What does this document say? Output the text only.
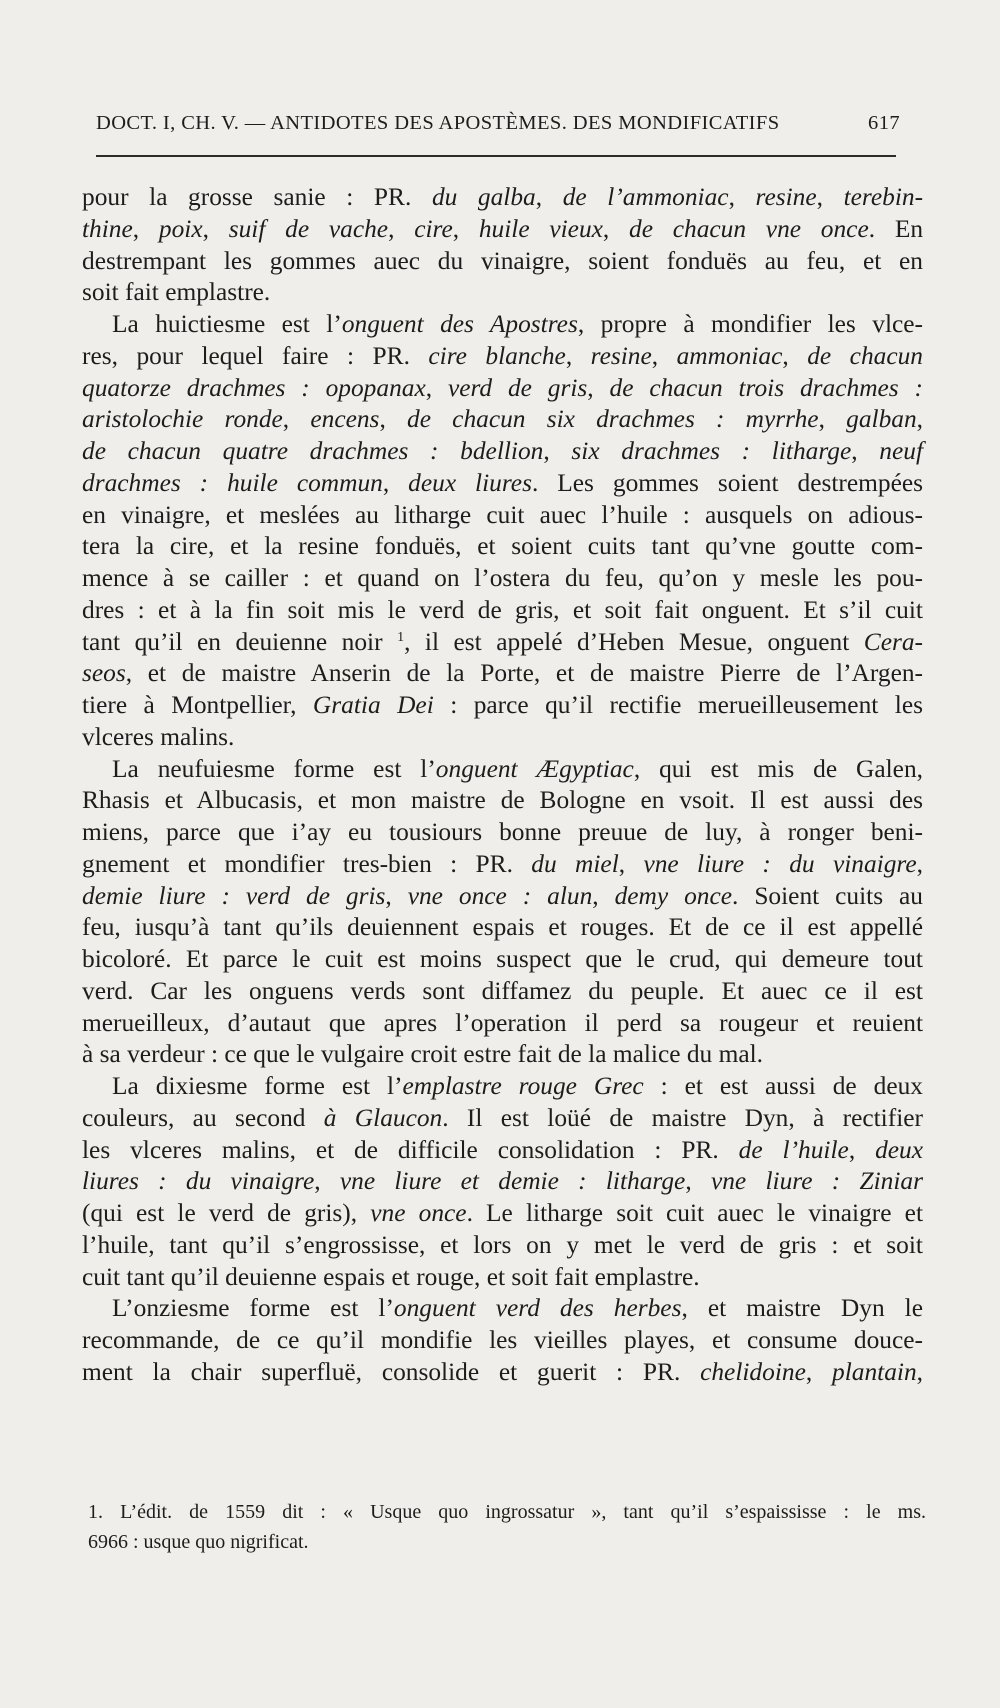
DOCT. I, CH. V. — ANTIDOTES DES APOSTÈMES. DES MONDIFICATIFS	617
pour la grosse sanie : PR. du galba, de l’ammoniac, resine, terebin-
thine, poix, suif de vache, cire, huile vieux, de chacun vne once. En
destrempant les gommes auec du vinaigre, soient fonduës au feu, et en
soit fait emplastre.
La huictiesme est l’onguent des Apostres, propre à mondifier les vlce-
res, pour lequel faire : PR. cire blanche, resine, ammoniac, de chacun
quatorze drachmes : opopanax, verd de gris, de chacun trois drachmes :
aristolochie ronde, encens, de chacun six drachmes : myrrhe, galban,
de chacun quatre drachmes : bdellion, six drachmes : litharge, neuf
drachmes : huile commun, deux liures. Les gommes soient destrempées
en vinaigre, et meslées au litharge cuit auec l’huile : ausquels on adious-
tera la cire, et la resine fonduës, et soient cuits tant qu’vne goutte com-
mence à se cailler : et quand on l’ostera du feu, qu’on y mesle les pou-
dres : et à la fin soit mis le verd de gris, et soit fait onguent. Et s’il cuit
tant qu’il en deuienne noir $^1$, il est appelé d’Heben Mesue, onguent Cera-
seos, et de maistre Anserin de la Porte, et de maistre Pierre de l’Argen-
tiere à Montpellier, Gratia Dei : parce qu’il rectifie merueilleusement les
vlceres malins.
La neufuiesme forme est l’onguent Ægyptiac, qui est mis de Galen,
Rhasis et Albucasis, et mon maistre de Bologne en vsoit. Il est aussi des
miens, parce que i’ay eu tousiours bonne preuue de luy, à ronger beni-
gnement et mondifier tres-bien : PR. du miel, vne liure : du vinaigre,
demie liure : verd de gris, vne once : alun, demy once. Soient cuits au
feu, iusqu’à tant qu’ils deuiennent espais et rouges. Et de ce il est appellé
bicoloré. Et parce le cuit est moins suspect que le crud, qui demeure tout
verd. Car les onguens verds sont diffamez du peuple. Et auec ce il est
merueilleux, d’autaut que apres l’operation il perd sa rougeur et reuient
à sa verdeur : ce que le vulgaire croit estre fait de la malice du mal.
La dixiesme forme est l’emplastre rouge Grec : et est aussi de deux
couleurs, au second à Glaucon. Il est loüé de maistre Dyn, à rectifier
les vlceres malins, et de difficile consolidation : PR. de l’huile, deux
liures : du vinaigre, vne liure et demie : litharge, vne liure : Ziniar
(qui est le verd de gris), vne once. Le litharge soit cuit auec le vinaigre et
l’huile, tant qu’il s’engrossisse, et lors on y met le verd de gris : et soit
cuit tant qu’il deuienne espais et rouge, et soit fait emplastre.
L’onziesme forme est l’onguent verd des herbes, et maistre Dyn le
recommande, de ce qu’il mondifie les vieilles playes, et consume douce-
ment la chair superfluë, consolide et guerit : PR. chelidoine, plantain,
1. L’édit. de 1559 dit : « Usque quo ingrossatur », tant qu’il s’espaississe : le ms.
6966 : usque quo nigrificat.
